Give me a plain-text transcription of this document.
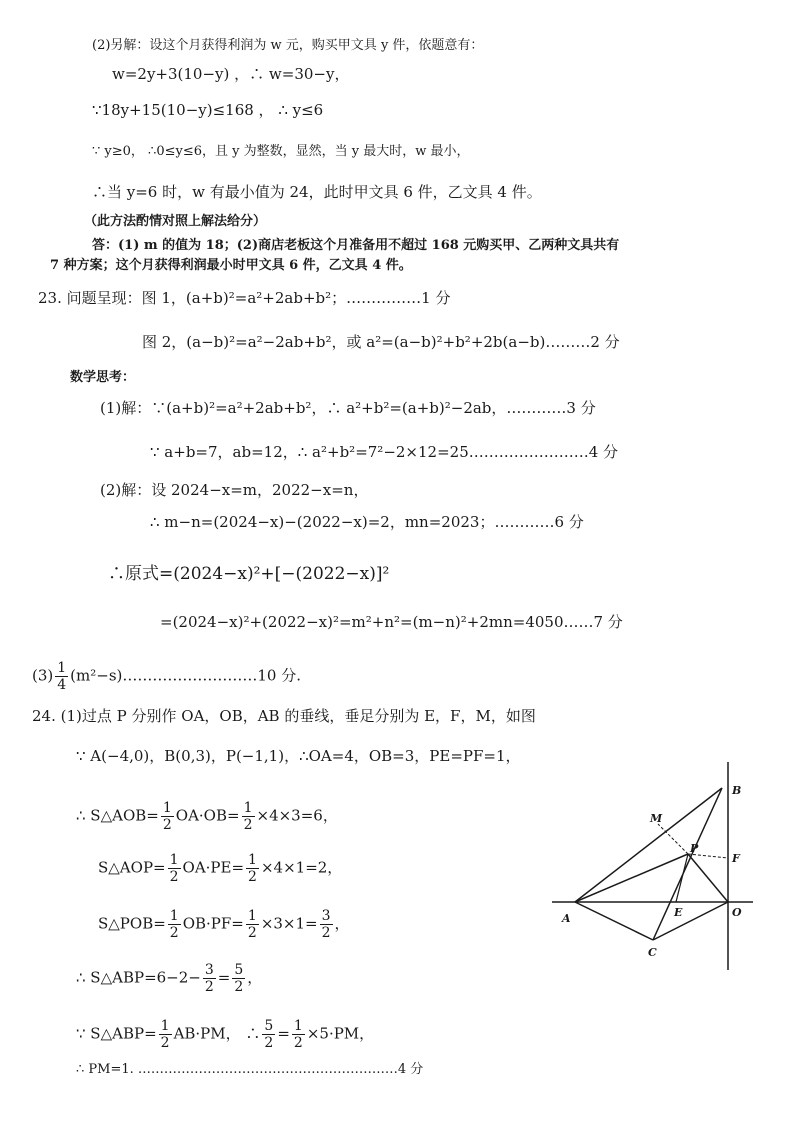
(2)另解：设这个月获得利润为 w 元，购买甲文具 y 件，依题意有：
w=2y+3(10−y) ，∴ w=30−y，
∵18y+15(10−y)≤168 ， ∴ y≤6
∵ y≥0， ∴0≤y≤6，且 y 为整数，显然，当 y 最大时，w 最小，
∴当 y=6 时，w 有最小值为 24，此时甲文具 6 件，乙文具 4 件。
（此方法酌情对照上解法给分）
答：(1) m 的值为 18；(2)商店老板这个月准备用不超过 168 元购买甲、乙两种文具共有
7 种方案；这个月获得利润最小时甲文具 6 件，乙文具 4 件。
23. 问题呈现：图 1，(a+b)²=a²+2ab+b²；……………1 分
图 2，(a−b)²=a²−2ab+b²，或 a²=(a−b)²+b²+2b(a−b)………2 分
数学思考：
(1)解：∵(a+b)²=a²+2ab+b²，∴ a²+b²=(a+b)²−2ab，…………3 分
∵ a+b=7，ab=12，∴ a²+b²=7²−2×12=25……………………4 分
(2)解：设 2024−x=m，2022−x=n，
∴ m−n=(2024−x)−(2022−x)=2，mn=2023；…………6 分
∴原式=(2024−x)²+[−(2022−x)]²
=(2024−x)²+(2022−x)²=m²+n²=(m−n)²+2mn=4050……7 分
$(3) \frac{1}{4}$ (m²−s)………………………10 分.
24. (1)过点 P 分别作 OA，OB，AB 的垂线，垂足分别为 E，F，M，如图
∵ A(−4,0)，B(0,3)，P(−1,1)，∴OA=4，OB=3，PE=PF=1，
∴ S△AOB= $\frac{1}{2} OA\cdot OB= \frac{1}{2} \times 4\times 3=6$，
S△AOP= $\frac{1}{2} OA\cdot PE= \frac{1}{2} \times 4\times 1=2$，
S△POB= $\frac{1}{2} OB\cdot PF= \frac{1}{2} \times 3\times 1= \frac{3}{2}$ ，
∴ S△ABP=6−2− $\frac{3}{2} = \frac{5}{2}$ ，
∵ S△ABP= $\frac{1}{2} AB\cdot PM$， ∴ $\frac{5}{2} = \frac{1}{2} \times 5\cdot PM$，
∴ PM=1. ……………………………………………………4 分
B
M
P
F
A	E	O
C
